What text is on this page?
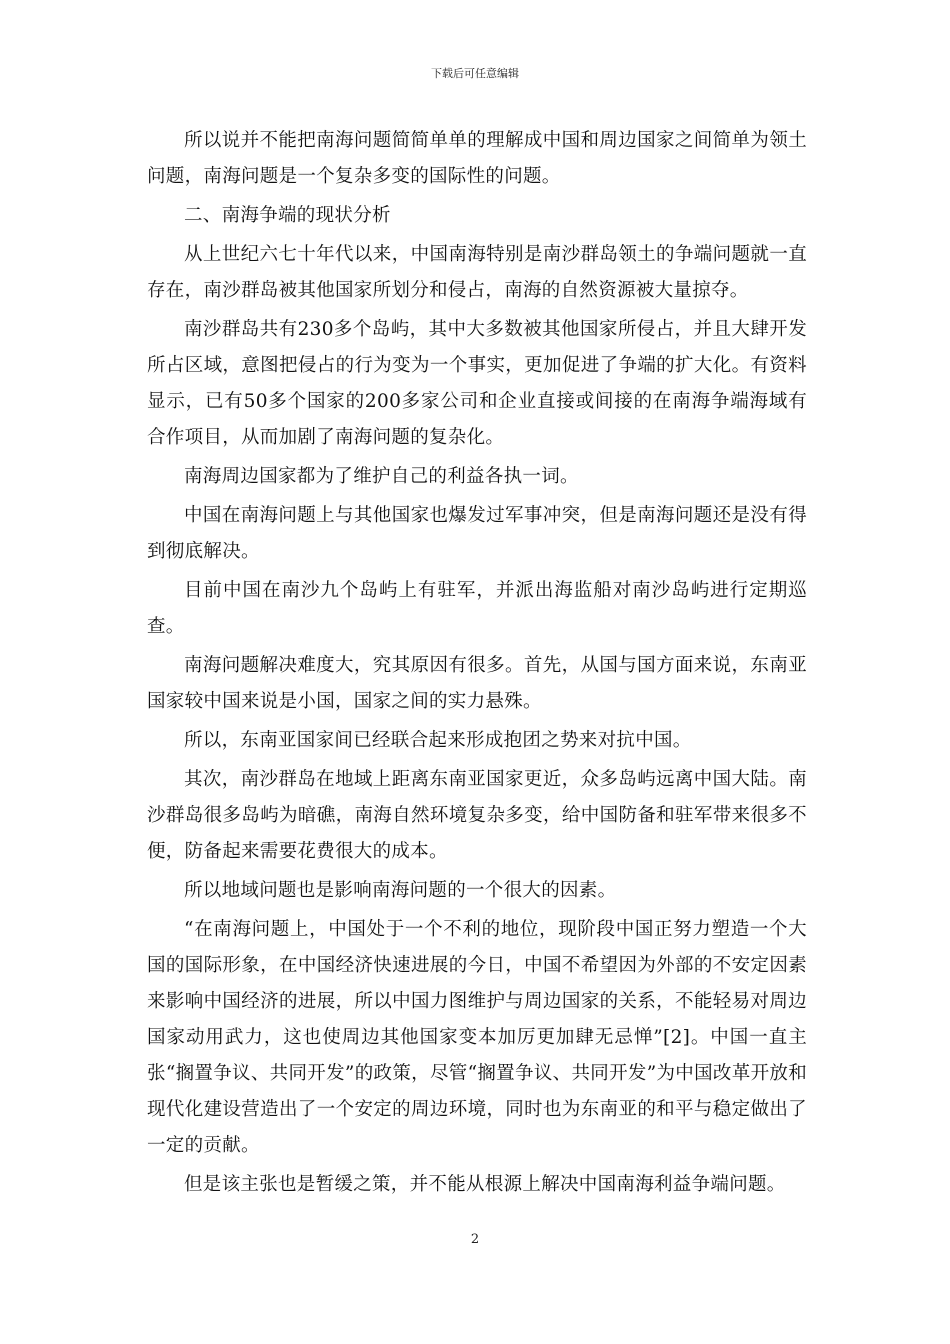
下载后可任意编辑

所以说并不能把南海问题简简单单的理解成中国和周边国家之间简单为领土问题，南海问题是一个复杂多变的国际性的问题。

二、南海争端的现状分析

从上世纪六七十年代以来，中国南海特别是南沙群岛领土的争端问题就一直存在，南沙群岛被其他国家所划分和侵占，南海的自然资源被大量掠夺。

南沙群岛共有230多个岛屿，其中大多数被其他国家所侵占，并且大肆开发所占区域，意图把侵占的行为变为一个事实，更加促进了争端的扩大化。有资料显示，已有50多个国家的200多家公司和企业直接或间接的在南海争端海域有合作项目，从而加剧了南海问题的复杂化。

南海周边国家都为了维护自己的利益各执一词。

中国在南海问题上与其他国家也爆发过军事冲突，但是南海问题还是没有得到彻底解决。

目前中国在南沙九个岛屿上有驻军，并派出海监船对南沙岛屿进行定期巡查。

南海问题解决难度大，究其原因有很多。首先，从国与国方面来说，东南亚国家较中国来说是小国，国家之间的实力悬殊。

所以，东南亚国家间已经联合起来形成抱团之势来对抗中国。

其次，南沙群岛在地域上距离东南亚国家更近，众多岛屿远离中国大陆。南沙群岛很多岛屿为暗礁，南海自然环境复杂多变，给中国防备和驻军带来很多不便，防备起来需要花费很大的成本。

所以地域问题也是影响南海问题的一个很大的因素。

“在南海问题上，中国处于一个不利的地位，现阶段中国正努力塑造一个大国的国际形象，在中国经济快速进展的今日，中国不希望因为外部的不安定因素来影响中国经济的进展，所以中国力图维护与周边国家的关系，不能轻易对周边国家动用武力，这也使周边其他国家变本加厉更加肆无忌惮”[2]。中国一直主张“搁置争议、共同开发”的政策，尽管“搁置争议、共同开发”为中国改革开放和现代化建设营造出了一个安定的周边环境，同时也为东南亚的和平与稳定做出了一定的贡献。

但是该主张也是暂缓之策，并不能从根源上解决中国南海利益争端问题。

2
